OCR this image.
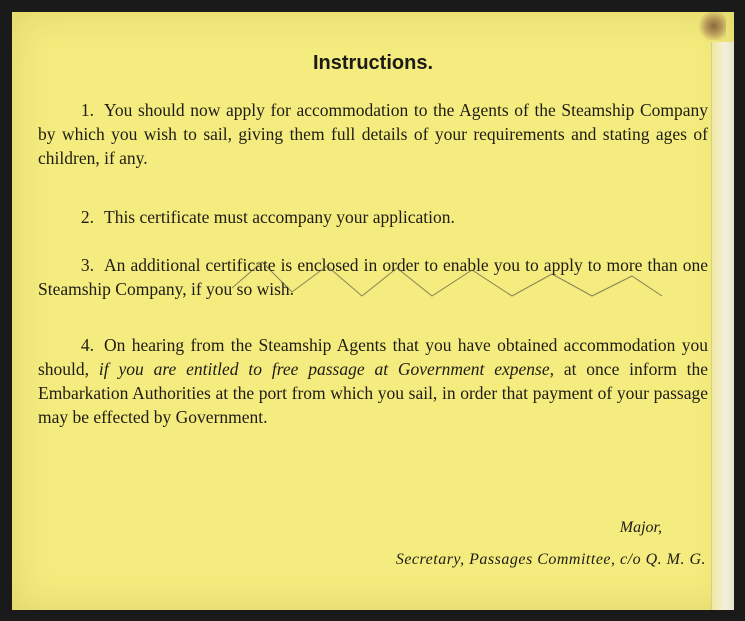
Instructions.

1. You should now apply for accommodation to the Agents of the Steamship Company by which you wish to sail, giving them full details of your requirements and stating ages of children, if any.

2. This certificate must accompany your application.

3. An additional certificate is enclosed in order to enable you to apply to more than one Steamship Company, if you so wish.

4. On hearing from the Steamship Agents that you have obtained accommodation you should, if you are entitled to free passage at Government expense, at once inform the Embarkation Authorities at the port from which you sail, in order that payment of your passage may be effected by Government.

Major,
Secretary, Passages Committee, c/o Q. M. G.
